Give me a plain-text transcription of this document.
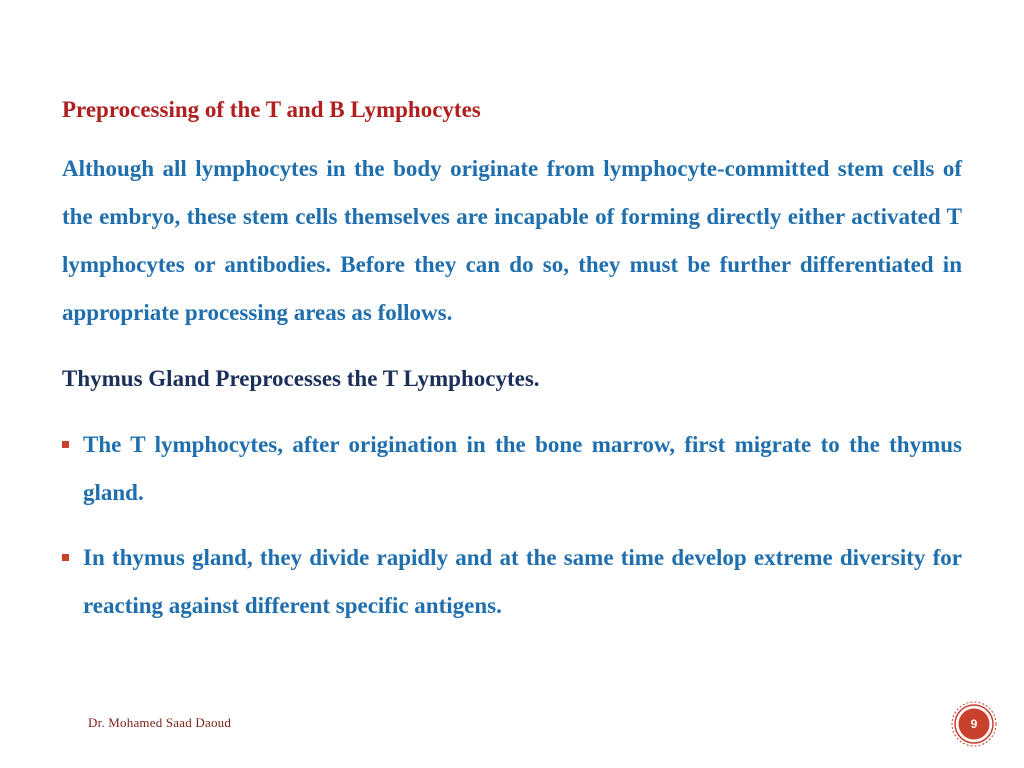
Preprocessing of the T and B Lymphocytes

Although all lymphocytes in the body originate from lymphocyte-committed stem cells of the embryo, these stem cells themselves are incapable of forming directly either activated T lymphocytes or antibodies. Before they can do so, they must be further differentiated in appropriate processing areas as follows.

Thymus Gland Preprocesses the T Lymphocytes.
The T lymphocytes, after origination in the bone marrow, first migrate to the thymus gland.
In thymus gland, they divide rapidly and at the same time develop extreme diversity for reacting against different specific antigens.
Dr. Mohamed Saad Daoud	9
